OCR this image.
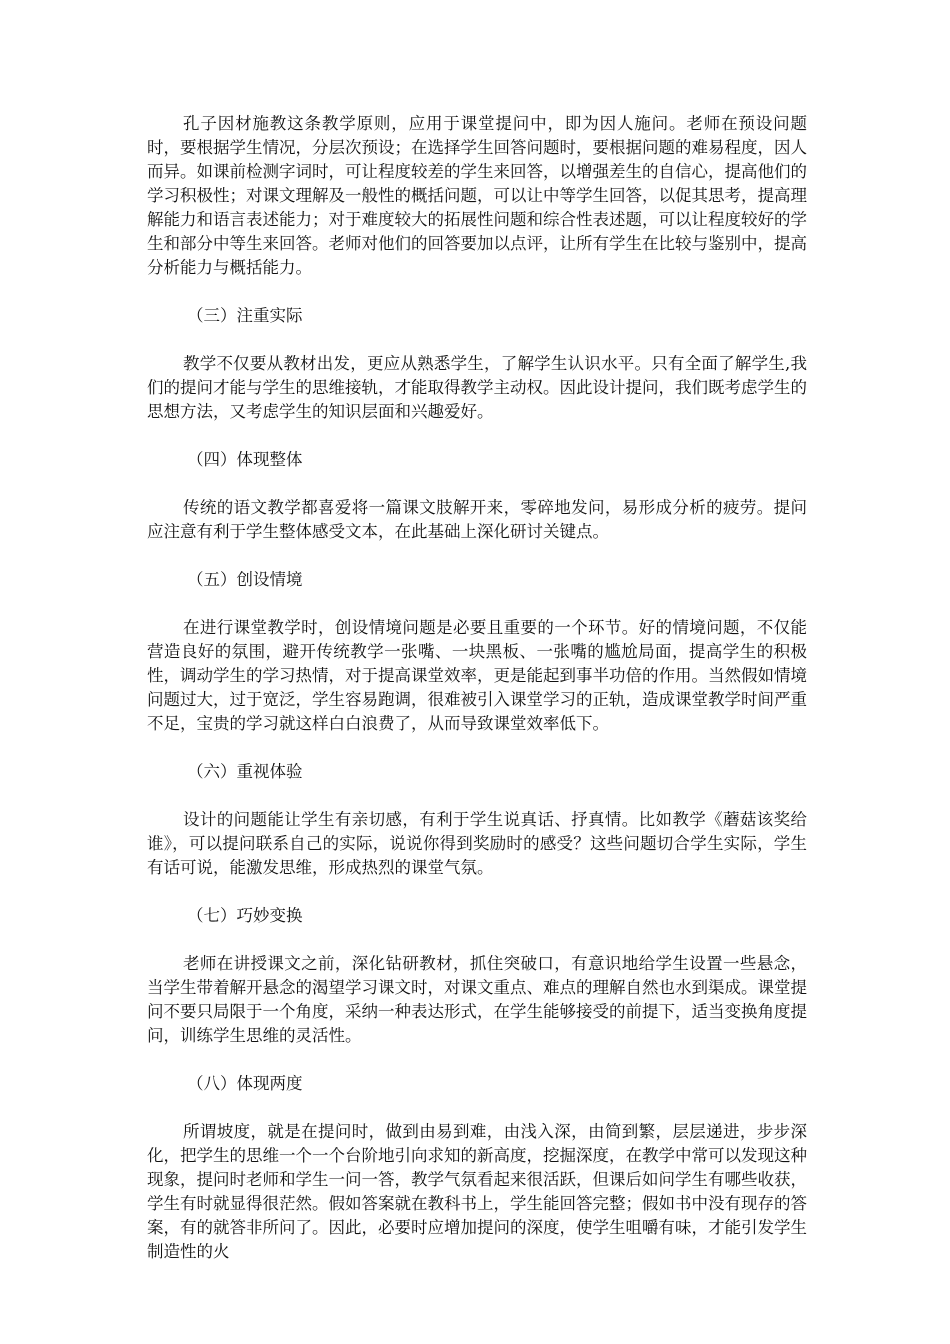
孔子因材施教这条教学原则，应用于课堂提问中，即为因人施问。老师在预设问题时，要根据学生情况，分层次预设；在选择学生回答问题时，要根据问题的难易程度，因人而异。如课前检测字词时，可让程度较差的学生来回答，以增强差生的自信心，提高他们的学习积极性；对课文理解及一般性的概括问题，可以让中等学生回答，以促其思考，提高理解能力和语言表述能力；对于难度较大的拓展性问题和综合性表述题，可以让程度较好的学生和部分中等生来回答。老师对他们的回答要加以点评，让所有学生在比较与鉴别中，提高分析能力与概括能力。

（三）注重实际

教学不仅要从教材出发，更应从熟悉学生，了解学生认识水平。只有全面了解学生,我们的提问才能与学生的思维接轨，才能取得教学主动权。因此设计提问，我们既考虑学生的思想方法，又考虑学生的知识层面和兴趣爱好。

（四）体现整体

传统的语文教学都喜爱将一篇课文肢解开来，零碎地发问，易形成分析的疲劳。提问应注意有利于学生整体感受文本，在此基础上深化研讨关键点。

（五）创设情境

在进行课堂教学时，创设情境问题是必要且重要的一个环节。好的情境问题，不仅能营造良好的氛围，避开传统教学一张嘴、一块黑板、一张嘴的尴尬局面，提高学生的积极性，调动学生的学习热情，对于提高课堂效率，更是能起到事半功倍的作用。当然假如情境问题过大，过于宽泛，学生容易跑调，很难被引入课堂学习的正轨，造成课堂教学时间严重不足，宝贵的学习就这样白白浪费了，从而导致课堂效率低下。

（六）重视体验

设计的问题能让学生有亲切感，有利于学生说真话、抒真情。比如教学《蘑菇该奖给谁》，可以提问联系自己的实际，说说你得到奖励时的感受？这些问题切合学生实际，学生有话可说，能激发思维，形成热烈的课堂气氛。

（七）巧妙变换

老师在讲授课文之前，深化钻研教材，抓住突破口，有意识地给学生设置一些悬念，当学生带着解开悬念的渴望学习课文时，对课文重点、难点的理解自然也水到渠成。课堂提问不要只局限于一个角度，采纳一种表达形式，在学生能够接受的前提下，适当变换角度提问，训练学生思维的灵活性。

（八）体现两度

所谓坡度，就是在提问时，做到由易到难，由浅入深，由简到繁，层层递进，步步深化，把学生的思维一个一个台阶地引向求知的新高度，挖掘深度，在教学中常可以发现这种现象，提问时老师和学生一问一答，教学气氛看起来很活跃，但课后如问学生有哪些收获，学生有时就显得很茫然。假如答案就在教科书上，学生能回答完整；假如书中没有现存的答案，有的就答非所问了。因此，必要时应增加提问的深度，使学生咀嚼有味，才能引发学生制造性的火
